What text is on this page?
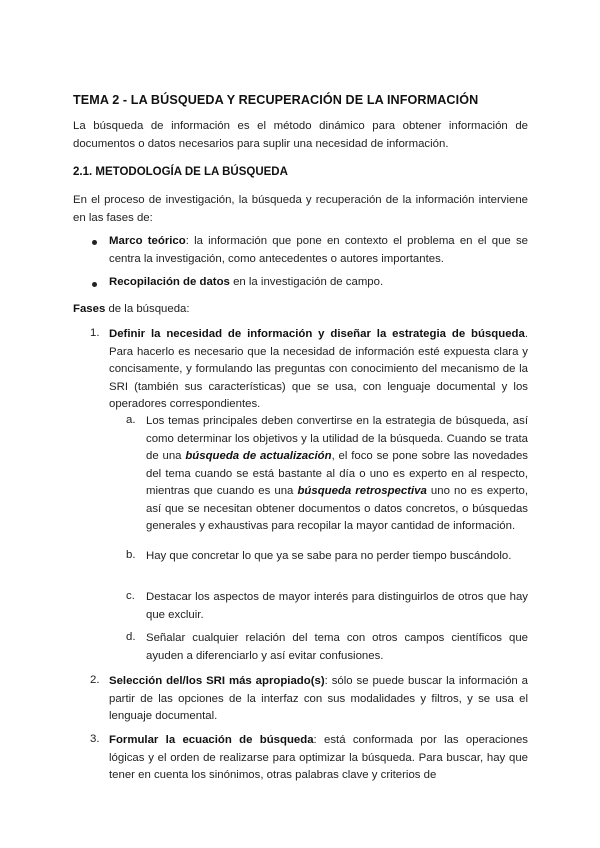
TEMA 2 - LA BÚSQUEDA Y RECUPERACIÓN DE LA INFORMACIÓN
La búsqueda de información es el método dinámico para obtener información de documentos o datos necesarios para suplir una necesidad de información.
2.1. METODOLOGÍA DE LA BÚSQUEDA
En el proceso de investigación, la búsqueda y recuperación de la información interviene en las fases de:
Marco teórico: la información que pone en contexto el problema en el que se centra la investigación, como antecedentes o autores importantes.
Recopilación de datos en la investigación de campo.
Fases de la búsqueda:
1. Definir la necesidad de información y diseñar la estrategia de búsqueda. Para hacerlo es necesario que la necesidad de información esté expuesta clara y concisamente, y formulando las preguntas con conocimiento del mecanismo de la SRI (también sus características) que se usa, con lenguaje documental y los operadores correspondientes.
a. Los temas principales deben convertirse en la estrategia de búsqueda, así como determinar los objetivos y la utilidad de la búsqueda. Cuando se trata de una búsqueda de actualización, el foco se pone sobre las novedades del tema cuando se está bastante al día o uno es experto en al respecto, mientras que cuando es una búsqueda retrospectiva uno no es experto, así que se necesitan obtener documentos o datos concretos, o búsquedas generales y exhaustivas para recopilar la mayor cantidad de información.
b. Hay que concretar lo que ya se sabe para no perder tiempo buscándolo.
c. Destacar los aspectos de mayor interés para distinguirlos de otros que hay que excluir.
d. Señalar cualquier relación del tema con otros campos científicos que ayuden a diferenciarlo y así evitar confusiones.
2. Selección del/los SRI más apropiado(s): sólo se puede buscar la información a partir de las opciones de la interfaz con sus modalidades y filtros, y se usa el lenguaje documental.
3. Formular la ecuación de búsqueda: está conformada por las operaciones lógicas y el orden de realizarse para optimizar la búsqueda. Para buscar, hay que tener en cuenta los sinónimos, otras palabras clave y criterios de
